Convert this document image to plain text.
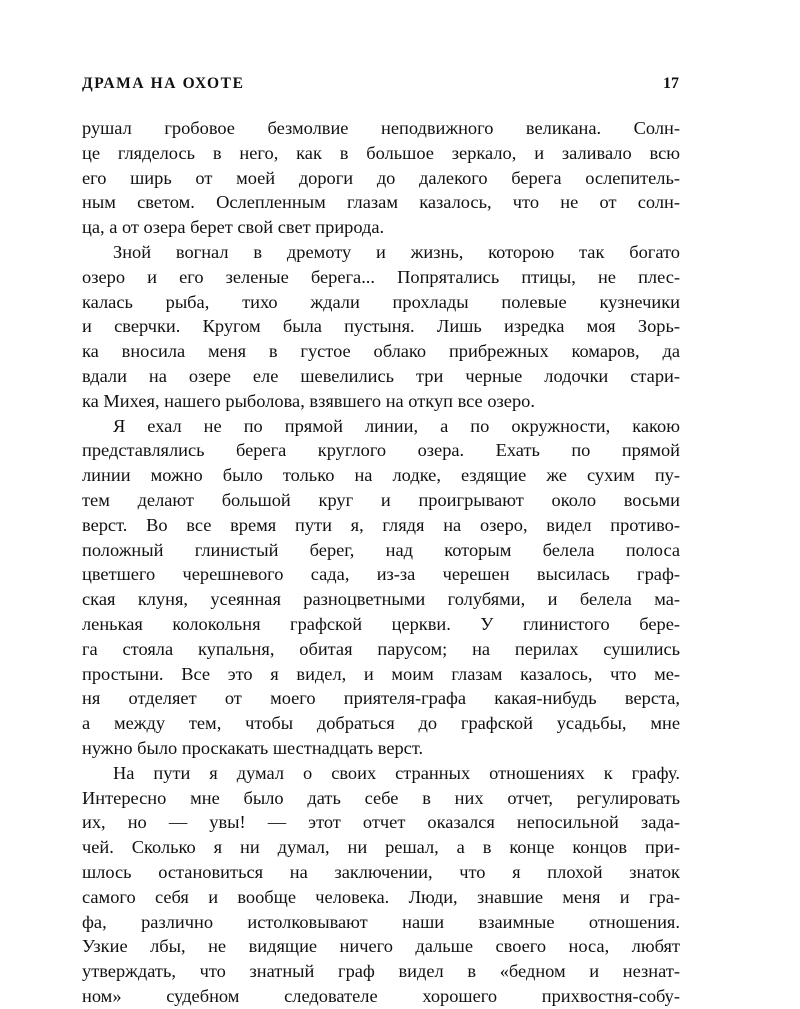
ДРАМА НА ОХОТЕ	17
рушал гробовое безмолвие неподвижного великана. Солн-
це гляделось в него, как в большое зеркало, и заливало всю
его ширь от моей дороги до далекого берега ослепитель-
ным светом. Ослепленным глазам казалось, что не от солн-
ца, а от озера берет свой свет природа.
Зной вогнал в дремоту и жизнь, которою так богато
озеро и его зеленые берега... Попрятались птицы, не плес-
калась рыба, тихо ждали прохлады полевые кузнечики
и сверчки. Кругом была пустыня. Лишь изредка моя Зорь-
ка вносила меня в густое облако прибрежных комаров, да
вдали на озере еле шевелились три черные лодочки стари-
ка Михея, нашего рыболова, взявшего на откуп все озеро.
Я ехал не по прямой линии, а по окружности, какою
представлялись берега круглого озера. Ехать по прямой
линии можно было только на лодке, ездящие же сухим пу-
тем делают большой круг и проигрывают около восьми
верст. Во все время пути я, глядя на озеро, видел противо-
положный глинистый берег, над которым белела полоса
цветшего черешневого сада, из-за черешен высилась граф-
ская клуня, усеянная разноцветными голубями, и белела ма-
ленькая колокольня графской церкви. У глинистого бере-
га стояла купальня, обитая парусом; на перилах сушились
простыни. Все это я видел, и моим глазам казалось, что ме-
ня отделяет от моего приятеля-графа какая-нибудь верста,
а между тем, чтобы добраться до графской усадьбы, мне
нужно было проскакать шестнадцать верст.
На пути я думал о своих странных отношениях к графу.
Интересно мне было дать себе в них отчет, регулировать
их, но — увы! — этот отчет оказался непосильной зада-
чей. Сколько я ни думал, ни решал, а в конце концов при-
шлось остановиться на заключении, что я плохой знаток
самого себя и вообще человека. Люди, знавшие меня и гра-
фа, различно истолковывают наши взаимные отношения.
Узкие лбы, не видящие ничего дальше своего носа, любят
утверждать, что знатный граф видел в «бедном и незнат-
ном» судебном следователе хорошего прихвостня-собу-
